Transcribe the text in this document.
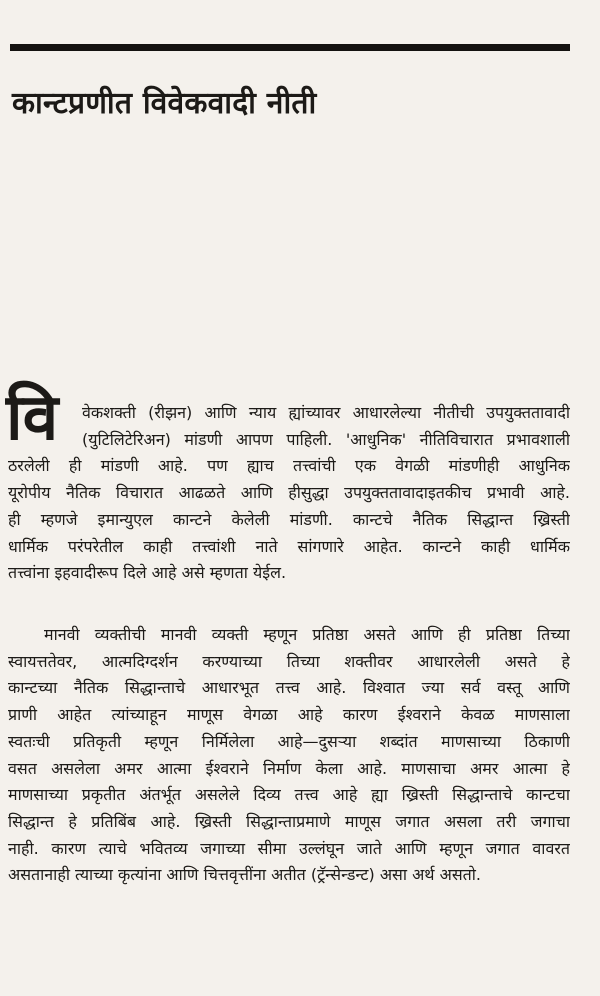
कान्टप्रणीत विवेकवादी नीती
वि	वेकशक्ती (रीझन) आणि न्याय ह्यांच्यावर आधारलेल्या नीतीची उपयुक्ततावादी
(युटिलिटेरिअन) मांडणी आपण पाहिली. 'आधुनिक' नीतिविचारात प्रभावशाली
ठरलेली ही मांडणी आहे. पण ह्याच तत्त्वांची एक वेगळी मांडणीही आधुनिक
यूरोपीय नैतिक विचारात आढळते आणि हीसुद्धा उपयुक्ततावादाइतकीच प्रभावी आहे.
ही म्हणजे इमान्युएल कान्टने केलेली मांडणी. कान्टचे नैतिक सिद्धान्त ख्रिस्ती
धार्मिक परंपरेतील काही तत्त्वांशी नाते सांगणारे आहेत. कान्टने काही धार्मिक
तत्त्वांना इहवादीरूप दिले आहे असे म्हणता येईल.
मानवी व्यक्तीची मानवी व्यक्ती म्हणून प्रतिष्ठा असते आणि ही प्रतिष्ठा तिच्या
स्वायत्ततेवर, आत्मदिग्दर्शन करण्याच्या तिच्या शक्तीवर आधारलेली असते हे
कान्टच्या नैतिक सिद्धान्ताचे आधारभूत तत्त्व आहे. विश्वात ज्या सर्व वस्तू आणि
प्राणी आहेत त्यांच्याहून माणूस वेगळा आहे कारण ईश्वराने केवळ माणसाला
स्वतःची प्रतिकृती म्हणून निर्मिलेला आहे—दुसऱ्या शब्दांत माणसाच्या ठिकाणी
वसत असलेला अमर आत्मा ईश्वराने निर्माण केला आहे. माणसाचा अमर आत्मा हे
माणसाच्या प्रकृतीत अंतर्भूत असलेले दिव्य तत्त्व आहे ह्या ख्रिस्ती सिद्धान्ताचे कान्टचा
सिद्धान्त हे प्रतिबिंब आहे. ख्रिस्ती सिद्धान्ताप्रमाणे माणूस जगात असला तरी जगाचा
नाही. कारण त्याचे भवितव्य जगाच्या सीमा उल्लंघून जाते आणि म्हणून जगात वावरत
असतानाही त्याच्या कृत्यांना आणि चित्तवृत्तींना अतीत (ट्रॅन्सेन्डन्ट) असा अर्थ असतो.
